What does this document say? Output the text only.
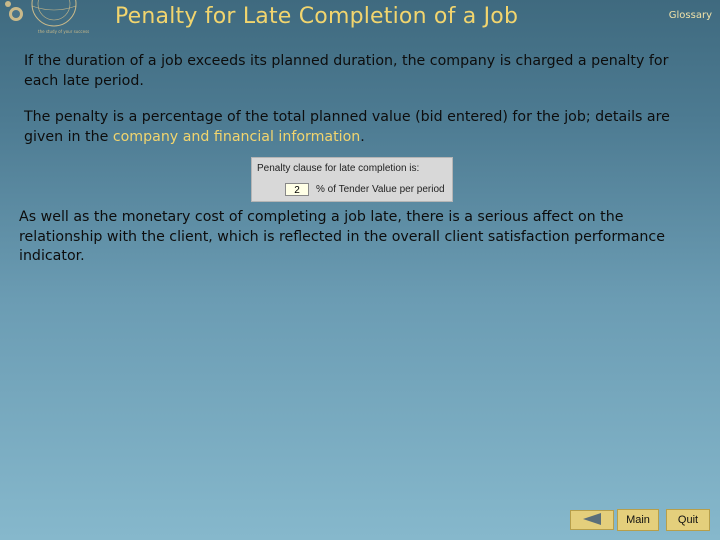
the study of your success
Penalty for Late Completion of a Job	Glossary
If the duration of a job exceeds its planned duration, the company is charged a penalty for each late period.
The penalty is a percentage of the total planned value (bid entered) for the job; details are given in the company and financial information.
Penalty clause for late completion is:
2	% of Tender Value per period
As well as the monetary cost of completing a job late, there is a serious affect on the relationship with the client, which is reflected in the overall client satisfaction performance indicator.
Main	Quit
